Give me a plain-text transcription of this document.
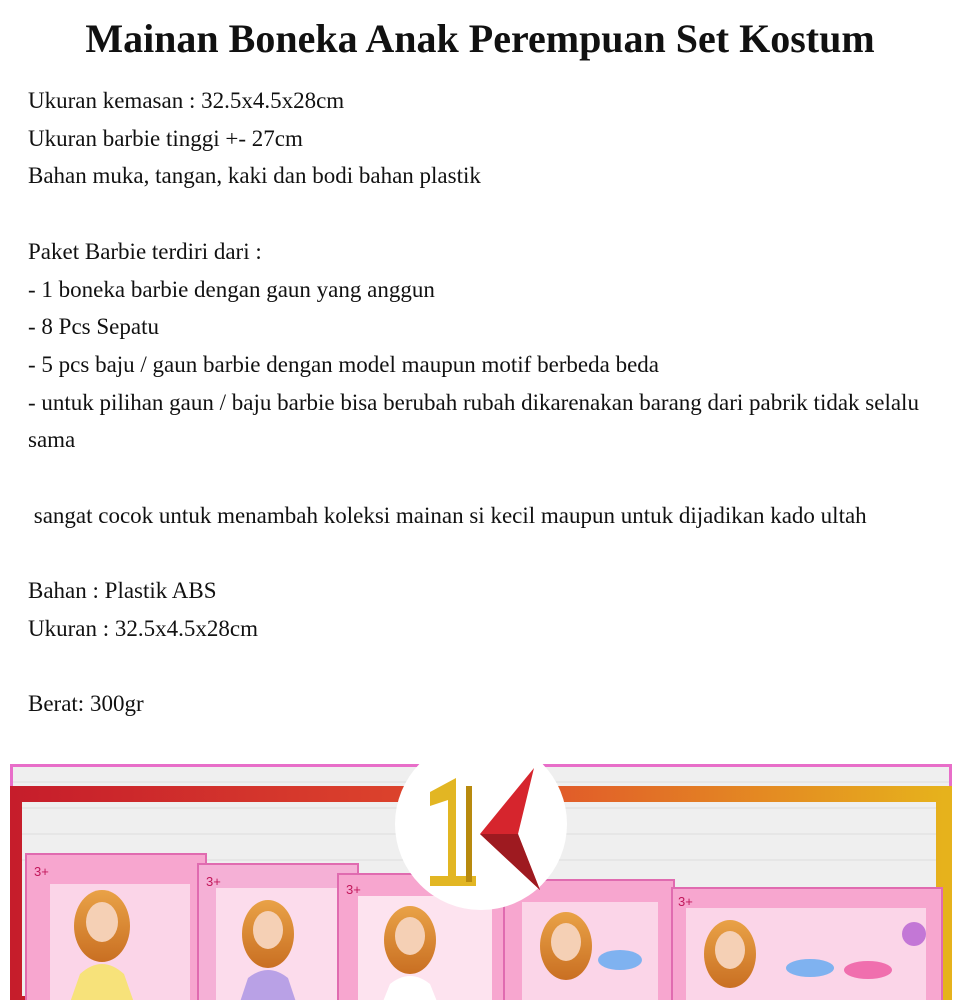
Mainan Boneka Anak Perempuan Set Kostum

Ukuran kemasan : 32.5x4.5x28cm

Ukuran barbie tinggi +- 27cm

Bahan muka, tangan, kaki dan bodi bahan plastik

Paket Barbie terdiri dari :

- 1 boneka barbie dengan gaun yang anggun

- 8 Pcs Sepatu

- 5 pcs baju / gaun barbie dengan model maupun motif berbeda beda

- untuk pilihan gaun / baju barbie bisa berubah rubah dikarenakan barang dari pabrik tidak selalu sama

sangat cocok untuk menambah koleksi mainan si kecil maupun untuk dijadikan kado ultah

Bahan : Plastik ABS

Ukuran : 32.5x4.5x28cm

Berat: 300gr

3+
3+
3+
3+
